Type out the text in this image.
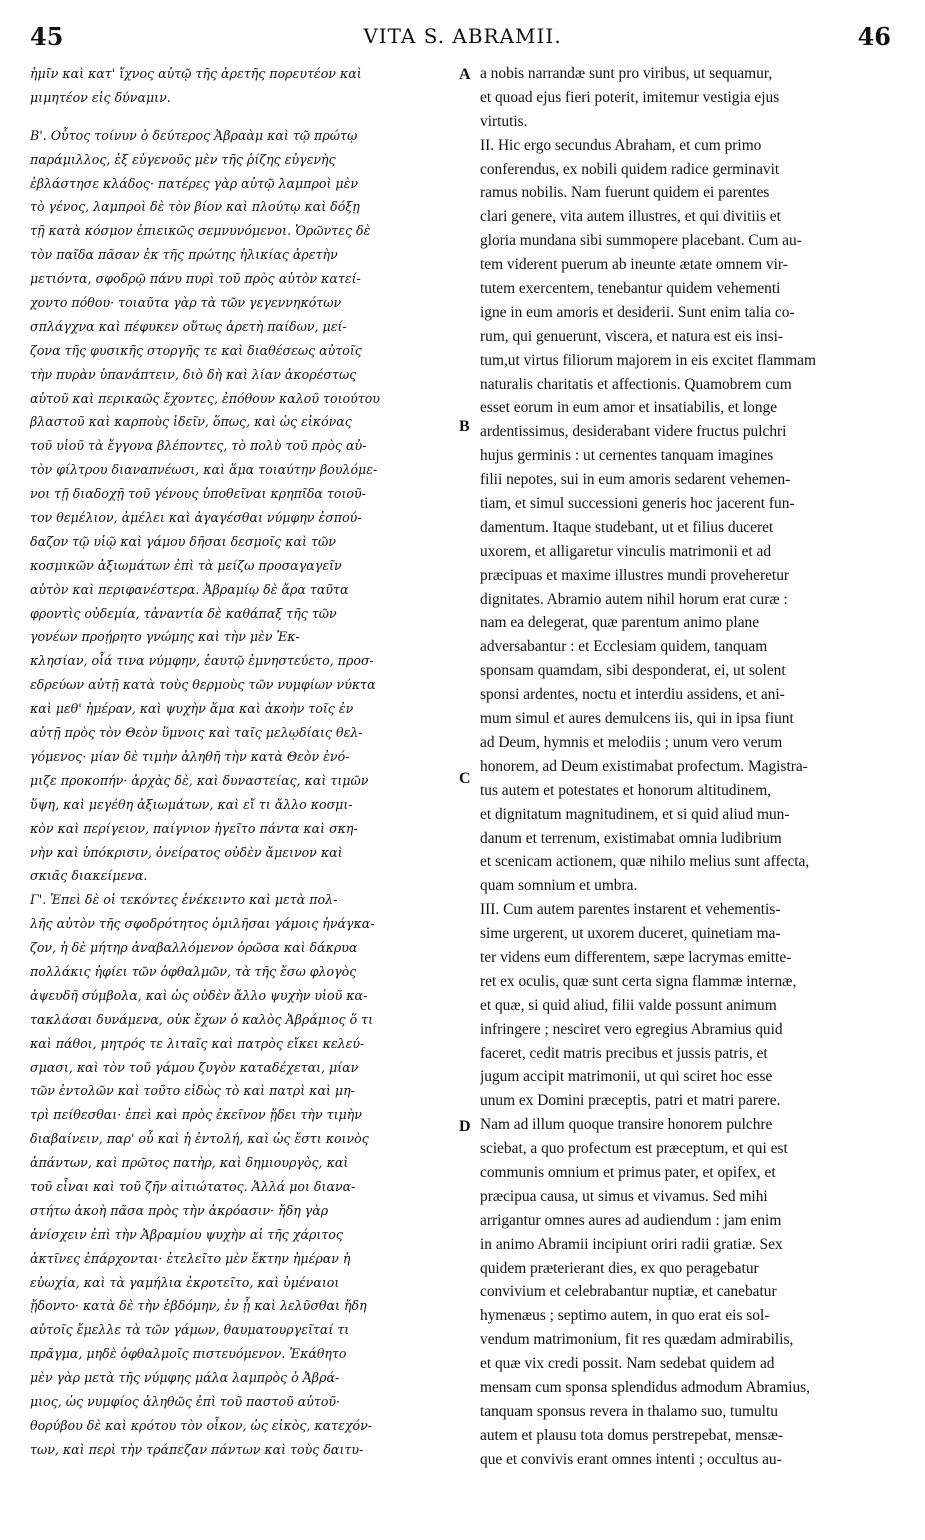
45	VITA S. ABRAMII.	46
ἡμῖν καὶ κατ' ἴχνος αὐτῷ τῆς ἀρετῆς πορευτέον καὶ
μιμητέον εἰς δύναμιν.
Β'. Οὗτος τοίνυν ὁ δεύτερος Ἀβραὰμ καὶ τῷ πρώτῳ
παράμιλλος, ἐξ εὐγενοῦς μὲν τῆς ῥίζης εὐγενὴς
ἐβλάστησε κλάδος· πατέρες γὰρ αὐτῷ λαμπροὶ μὲν
τὸ γένος, λαμπροὶ δὲ τὸν βίον καὶ πλούτῳ καὶ δόξῃ
τῇ κατὰ κόσμον ἐπιεικῶς σεμνυνόμενοι. Ὁρῶντες δὲ
τὸν παῖδα πᾶσαν ἐκ τῆς πρώτης ἡλικίας ἀρετὴν
μετιόντα, σφοδρῷ πάνυ πυρὶ τοῦ πρὸς αὐτὸν κατεί-
χοντο πόθου· τοιαῦτα γὰρ τὰ τῶν γεγεννηκότων
σπλάγχνα καὶ πέφυκεν οὕτως ἀρετὴ παίδων, μεί-
ζονα τῆς φυσικῆς στοργῆς τε καὶ διαθέσεως αὐτοῖς
τὴν πυρὰν ὑπανάπτειν, διὸ δὴ καὶ λίαν ἀκορέστως
αὐτοῦ καὶ περικαῶς ἔχοντες, ἐπόθουν καλοῦ τοιούτου
βλαστοῦ καὶ καρποὺς ἰδεῖν, ὅπως, καὶ ὡς εἰκόνας
τοῦ υἱοῦ τὰ ἔγγονα βλέποντες, τὸ πολὺ τοῦ πρὸς αὐ-
τὸν φίλτρου διαναπνέωσι, καὶ ἅμα τοιαύτην βουλόμε-
νοι τῇ διαδοχῇ τοῦ γένους ὑποθεῖναι κρηπῖδα τοιοῦ-
τον θεμέλιον, ἀμέλει καὶ ἀγαγέσθαι νύμφην ἐσπού-
δαζον τῷ υἱῷ καὶ γάμου δῆσαι δεσμοῖς καὶ τῶν
κοσμικῶν ἀξιωμάτων ἐπὶ τὰ μείζω προσαγαγεῖν
αὐτὸν καὶ περιφανέστερα. Ἀβραμίῳ δὲ ἄρα ταῦτα
φροντὶς οὐδεμία, τἀναντία δὲ καθάπαξ τῆς τῶν
γονέων προῄρητο γνώμης καὶ τὴν μὲν Ἐκ-
κλησίαν, οἷά τινα νύμφην, ἑαυτῷ ἐμνηστεύετο, προσ-
εδρεύων αὐτῇ κατὰ τοὺς θερμοὺς τῶν νυμφίων νύκτα
καὶ μεθ' ἡμέραν, καὶ ψυχὴν ἅμα καὶ ἀκοὴν τοῖς ἐν
αὐτῇ πρὸς τὸν Θεὸν ὕμνοις καὶ ταῖς μελῳδίαις θελ-
γόμενος· μίαν δὲ τιμὴν ἀληθῆ τὴν κατὰ Θεὸν ἐνό-
μιζε προκοπήν· ἀρχὰς δὲ, καὶ δυναστείας, καὶ τιμῶν
ὕψη, καὶ μεγέθη ἀξιωμάτων, καὶ εἴ τι ἄλλο κοσμι-
κὸν καὶ περίγειον, παίγνιον ἡγεῖτο πάντα καὶ σκη-
νὴν καὶ ὑπόκρισιν, ὀνείρατος οὐδὲν ἄμεινον καὶ
σκιᾶς διακείμενα.
Γ'. Ἐπεὶ δὲ οἱ τεκόντες ἐνέκειντο καὶ μετὰ πολ-
λῆς αὐτὸν τῆς σφοδρότητος ὁμιλῆσαι γάμοις ἠνάγκα-
ζον, ἡ δὲ μήτηρ ἀναβαλλόμενον ὁρῶσα καὶ δάκρυα
πολλάκις ἠφίει τῶν ὀφθαλμῶν, τὰ τῆς ἔσω φλογὸς
ἀψευδῆ σύμβολα, καὶ ὡς οὐδὲν ἄλλο ψυχὴν υἱοῦ κα-
τακλάσαι δυνάμενα, οὐκ ἔχων ὁ καλὸς Ἀβράμιος ὅ τι
καὶ πάθοι, μητρός τε λιταῖς καὶ πατρὸς εἴκει κελεύ-
σμασι, καὶ τὸν τοῦ γάμου ζυγὸν καταδέχεται, μίαν
τῶν ἐντολῶν καὶ τοῦτο εἰδὼς τὸ καὶ πατρὶ καὶ μη-
τρὶ πείθεσθαι· ἐπεὶ καὶ πρὸς ἐκεῖνον ᾔδει τὴν τιμὴν
διαβαίνειν, παρ' οὗ καὶ ἡ ἐντολή, καὶ ὡς ἔστι κοινὸς
ἁπάντων, καὶ πρῶτος πατὴρ, καὶ δημιουργὸς, καὶ
τοῦ εἶναι καὶ τοῦ ζῆν αἰτιώτατος. Ἀλλά μοι διανα-
στήτω ἀκοὴ πᾶσα πρὸς τὴν ἀκρόασιν· ἤδη γὰρ
ἀνίσχειν ἐπὶ τὴν Ἀβραμίου ψυχὴν αἱ τῆς χάριτος
ἀκτῖνες ἐπάρχονται· ἐτελεῖτο μὲν ἕκτην ἡμέραν ἡ
εὐωχία, καὶ τὰ γαμήλια ἐκροτεῖτο, καὶ ὑμέναιοι
ᾔδοντο· κατὰ δὲ τὴν ἑβδόμην, ἐν ᾗ καὶ λελῦσθαι ἤδη
αὐτοῖς ἔμελλε τὰ τῶν γάμων, θαυματουργεῖταί τι
πρᾶγμα, μηδὲ ὀφθαλμοῖς πιστευόμενον. Ἐκάθητο
μὲν γὰρ μετὰ τῆς νύμφης μάλα λαμπρὸς ὁ Ἀβρά-
μιος, ὡς νυμφίος ἀληθῶς ἐπὶ τοῦ παστοῦ αὐτοῦ·
θορύβου δὲ καὶ κρότου τὸν οἶκον, ὡς εἰκὸς, κατεχόν-
των, καὶ περὶ τὴν τράπεζαν πάντων καὶ τοὺς δαιτυ-
a nobis narrandæ sunt pro viribus, ut sequamur,
et quoad ejus fieri poterit, imitemur vestigia ejus
virtutis.
II. Hic ergo secundus Abraham, et cum primo
conferendus, ex nobili quidem radice germinavit
ramus nobilis. Nam fuerunt quidem ei parentes
clari genere, vita autem illustres, et qui divitiis et
gloria mundana sibi summopere placebant. Cum au-
tem viderent puerum ab ineunte ætate omnem vir-
tutem exercentem, tenebantur quidem vehementi
igne in eum amoris et desiderii. Sunt enim talia co-
rum, qui genuerunt, viscera, et natura est eis insi-
tum,ut virtus filiorum majorem in eis excitet flammam
naturalis charitatis et affectionis. Quamobrem cum
esset eorum in eum amor et insatiabilis, et longe
ardentissimus, desiderabant videre fructus pulchri
hujus germinis : ut cernentes tanquam imagines
filii nepotes, sui in eum amoris sedarent vehemen-
tiam, et simul successioni generis hoc jacerent fun-
damentum. Itaque studebant, ut et filius duceret
uxorem, et alligaretur vinculis matrimonii et ad
præcipuas et maxime illustres mundi proveheretur
dignitates. Abramio autem nihil horum erat curæ :
nam ea delegerat, quæ parentum animo plane
adversabantur : et Ecclesiam quidem, tanquam
sponsam quamdam, sibi desponderat, ei, ut solent
sponsi ardentes, noctu et interdiu assidens, et ani-
mum simul et aures demulcens iis, qui in ipsa fiunt
ad Deum, hymnis et melodiis ; unum vero verum
honorem, ad Deum existimabat profectum. Magistra-
tus autem et potestates et honorum altitudinem,
et dignitatum magnitudinem, et si quid aliud mun-
danum et terrenum, existimabat omnia ludibrium
et scenicam actionem, quæ nihilo melius sunt affecta,
quam somnium et umbra.
III. Cum autem parentes instarent et vehementis-
sime urgerent, ut uxorem duceret, quinetiam ma-
ter videns eum differentem, sæpe lacrymas emitte-
ret ex oculis, quæ sunt certa signa flammæ internæ,
et quæ, si quid aliud, filii valde possunt animum
infringere ; nesciret vero egregius Abramius quid
faceret, cedit matris precibus et jussis patris, et
jugum accipit matrimonii, ut qui sciret hoc esse
unum ex Domini præceptis, patri et matri parere.
Nam ad illum quoque transire honorem pulchre
sciebat, a quo profectum est præceptum, et qui est
communis omnium et primus pater, et opifex, et
præcipua causa, ut simus et vivamus. Sed mihi
arrigantur omnes aures ad audiendum : jam enim
in animo Abramii incipiunt oriri radii gratiæ. Sex
quidem præterierant dies, ex quo peragebatur
convivium et celebrabantur nuptiæ, et canebatur
hymenæus ; septimo autem, in quo erat eis sol-
vendum matrimonium, fit res quædam admirabilis,
et quæ vix credi possit. Nam sedebat quidem ad
mensam cum sponsa splendidus admodum Abramius,
tanquam sponsus revera in thalamo suo, tumultu
autem et plausu tota domus perstrepebat, mensæ-
que et convivis erant omnes intenti ; occultus au-
A
B
C
D
